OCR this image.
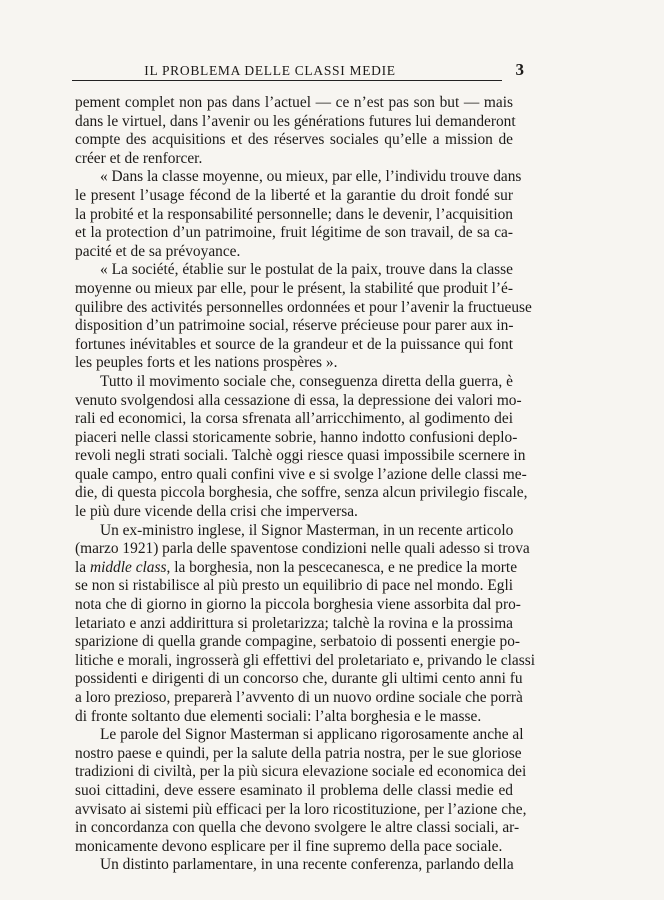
IL PROBLEMA DELLE CLASSI MEDIE	3
pement complet non pas dans l’actuel — ce n’est pas son but — mais
dans le virtuel, dans l’avenir ou les générations futures lui demanderont
compte des acquisitions et des réserves sociales qu’elle a mission de
créer et de renforcer.
« Dans la classe moyenne, ou mieux, par elle, l’individu trouve dans
le present l’usage fécond de la liberté et la garantie du droit fondé sur
la probité et la responsabilité personnelle; dans le devenir, l’acquisition
et la protection d’un patrimoine, fruit légitime de son travail, de sa ca-
pacité et de sa prévoyance.
« La société, établie sur le postulat de la paix, trouve dans la classe
moyenne ou mieux par elle, pour le présent, la stabilité que produit l’é-
quilibre des activités personnelles ordonnées et pour l’avenir la fructueuse
disposition d’un patrimoine social, réserve précieuse pour parer aux in-
fortunes inévitables et source de la grandeur et de la puissance qui font
les peuples forts et les nations prospères ».
Tutto il movimento sociale che, conseguenza diretta della guerra, è
venuto svolgendosi alla cessazione di essa, la depressione dei valori mo-
rali ed economici, la corsa sfrenata all’arricchimento, al godimento dei
piaceri nelle classi storicamente sobrie, hanno indotto confusioni deplo-
revoli negli strati sociali. Talchè oggi riesce quasi impossibile scernere in
quale campo, entro quali confini vive e si svolge l’azione delle classi me-
die, di questa piccola borghesia, che soffre, senza alcun privilegio fiscale,
le più dure vicende della crisi che imperversa.
Un ex-ministro inglese, il Signor Masterman, in un recente articolo
(marzo 1921) parla delle spaventose condizioni nelle quali adesso si trova
la middle class, la borghesia, non la pescecanesca, e ne predice la morte
se non si ristabilisce al più presto un equilibrio di pace nel mondo. Egli
nota che di giorno in giorno la piccola borghesia viene assorbita dal pro-
letariato e anzi addirittura si proletarizza; talchè la rovina e la prossima
sparizione di quella grande compagine, serbatoio di possenti energie po-
litiche e morali, ingrosserà gli effettivi del proletariato e, privando le classi
possidenti e dirigenti di un concorso che, durante gli ultimi cento anni fu
a loro prezioso, preparerà l’avvento di un nuovo ordine sociale che porrà
di fronte soltanto due elementi sociali: l’alta borghesia e le masse.
Le parole del Signor Masterman si applicano rigorosamente anche al
nostro paese e quindi, per la salute della patria nostra, per le sue gloriose
tradizioni di civiltà, per la più sicura elevazione sociale ed economica dei
suoi cittadini, deve essere esaminato il problema delle classi medie ed
avvisato ai sistemi più efficaci per la loro ricostituzione, per l’azione che,
in concordanza con quella che devono svolgere le altre classi sociali, ar-
monicamente devono esplicare per il fine supremo della pace sociale.
Un distinto parlamentare, in una recente conferenza, parlando della
